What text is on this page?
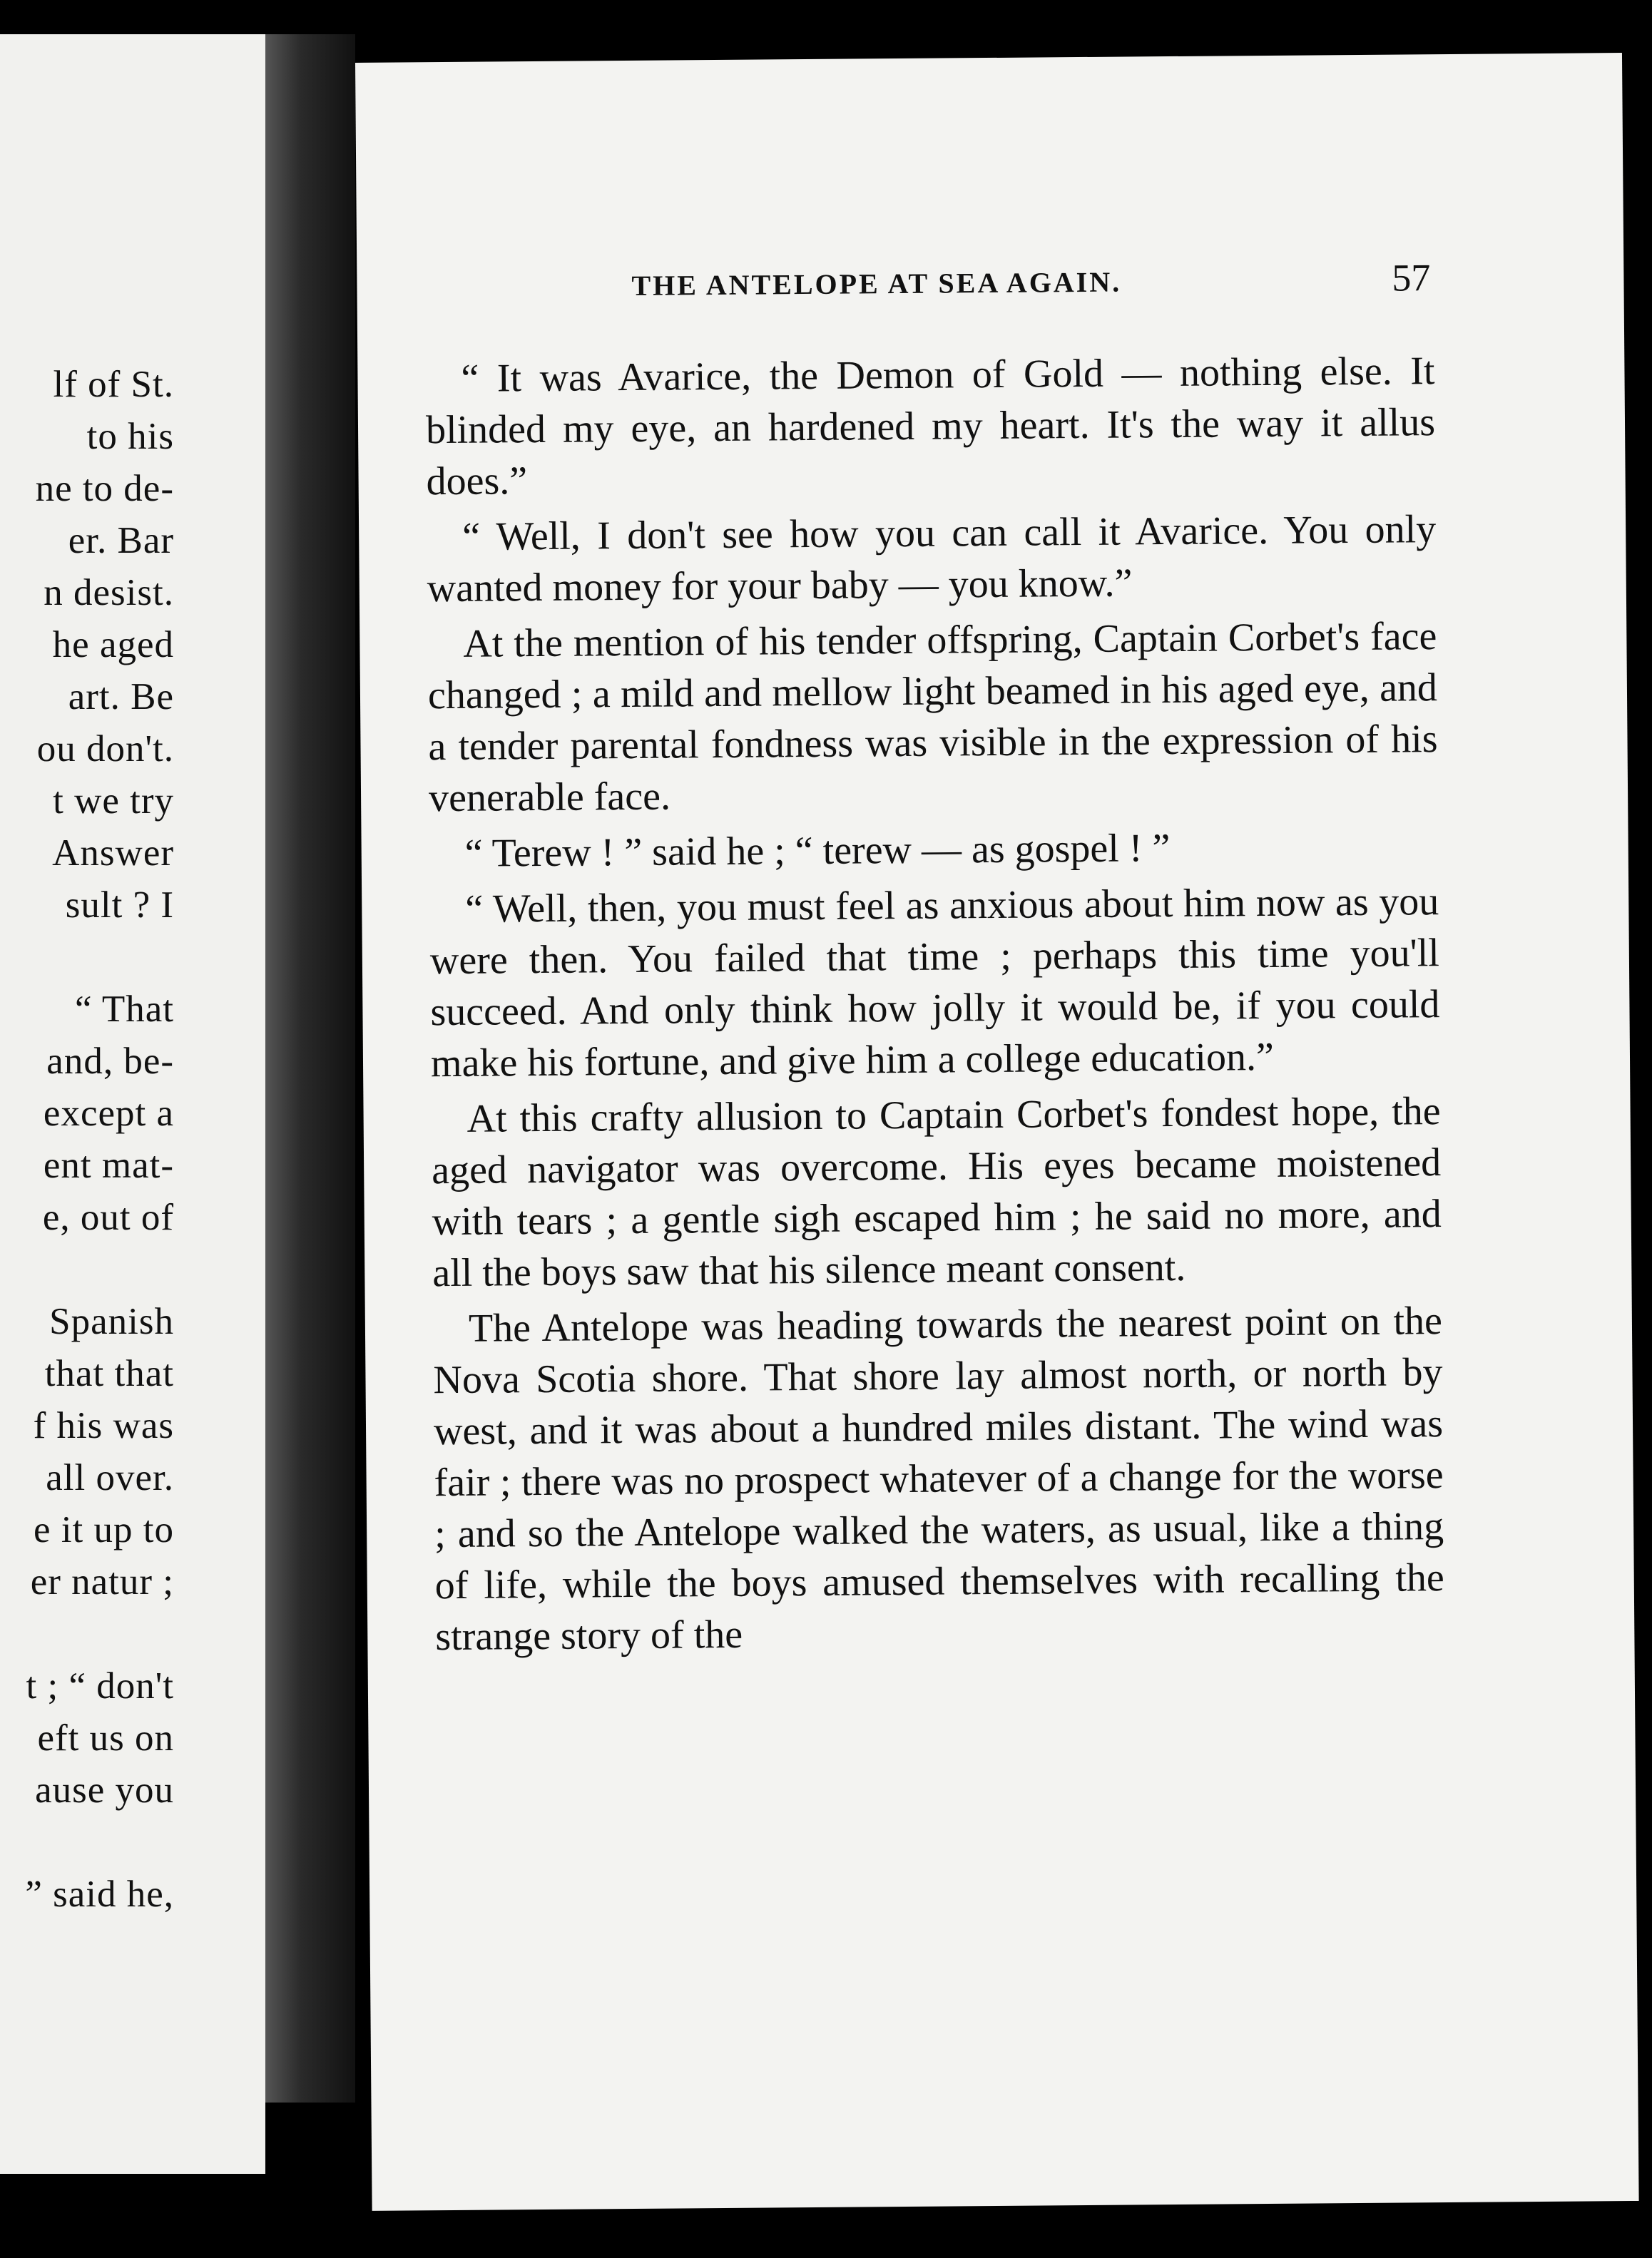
lf of St.
to his
ne to de-
er. Bar
n desist.
he aged
art. Be
ou don't.
t we try
Answer
sult ? I

“ That
and, be-
except a
ent mat-
e, out of

Spanish
that that
f his was
all over.
e it up to
er natur ;

t ; “ don't
eft us on
ause you

” said he,
THE ANTELOPE AT SEA AGAIN.	57

“ It was Avarice, the Demon of Gold — nothing else. It blinded my eye, an hardened my heart. It's the way it allus does.”

“ Well, I don't see how you can call it Avarice. You only wanted money for your baby — you know.”

At the mention of his tender offspring, Captain Corbet's face changed ; a mild and mellow light beamed in his aged eye, and a tender parental fondness was visible in the expression of his venerable face.

“ Terew ! ” said he ; “ terew — as gospel ! ”

“ Well, then, you must feel as anxious about him now as you were then. You failed that time ; perhaps this time you'll succeed. And only think how jolly it would be, if you could make his fortune, and give him a college education.”

At this crafty allusion to Captain Corbet's fondest hope, the aged navigator was overcome. His eyes became moistened with tears ; a gentle sigh escaped him ; he said no more, and all the boys saw that his silence meant consent.

The Antelope was heading towards the nearest point on the Nova Scotia shore. That shore lay almost north, or north by west, and it was about a hundred miles distant. The wind was fair ; there was no prospect whatever of a change for the worse ; and so the Antelope walked the waters, as usual, like a thing of life, while the boys amused themselves with recalling the strange story of the
